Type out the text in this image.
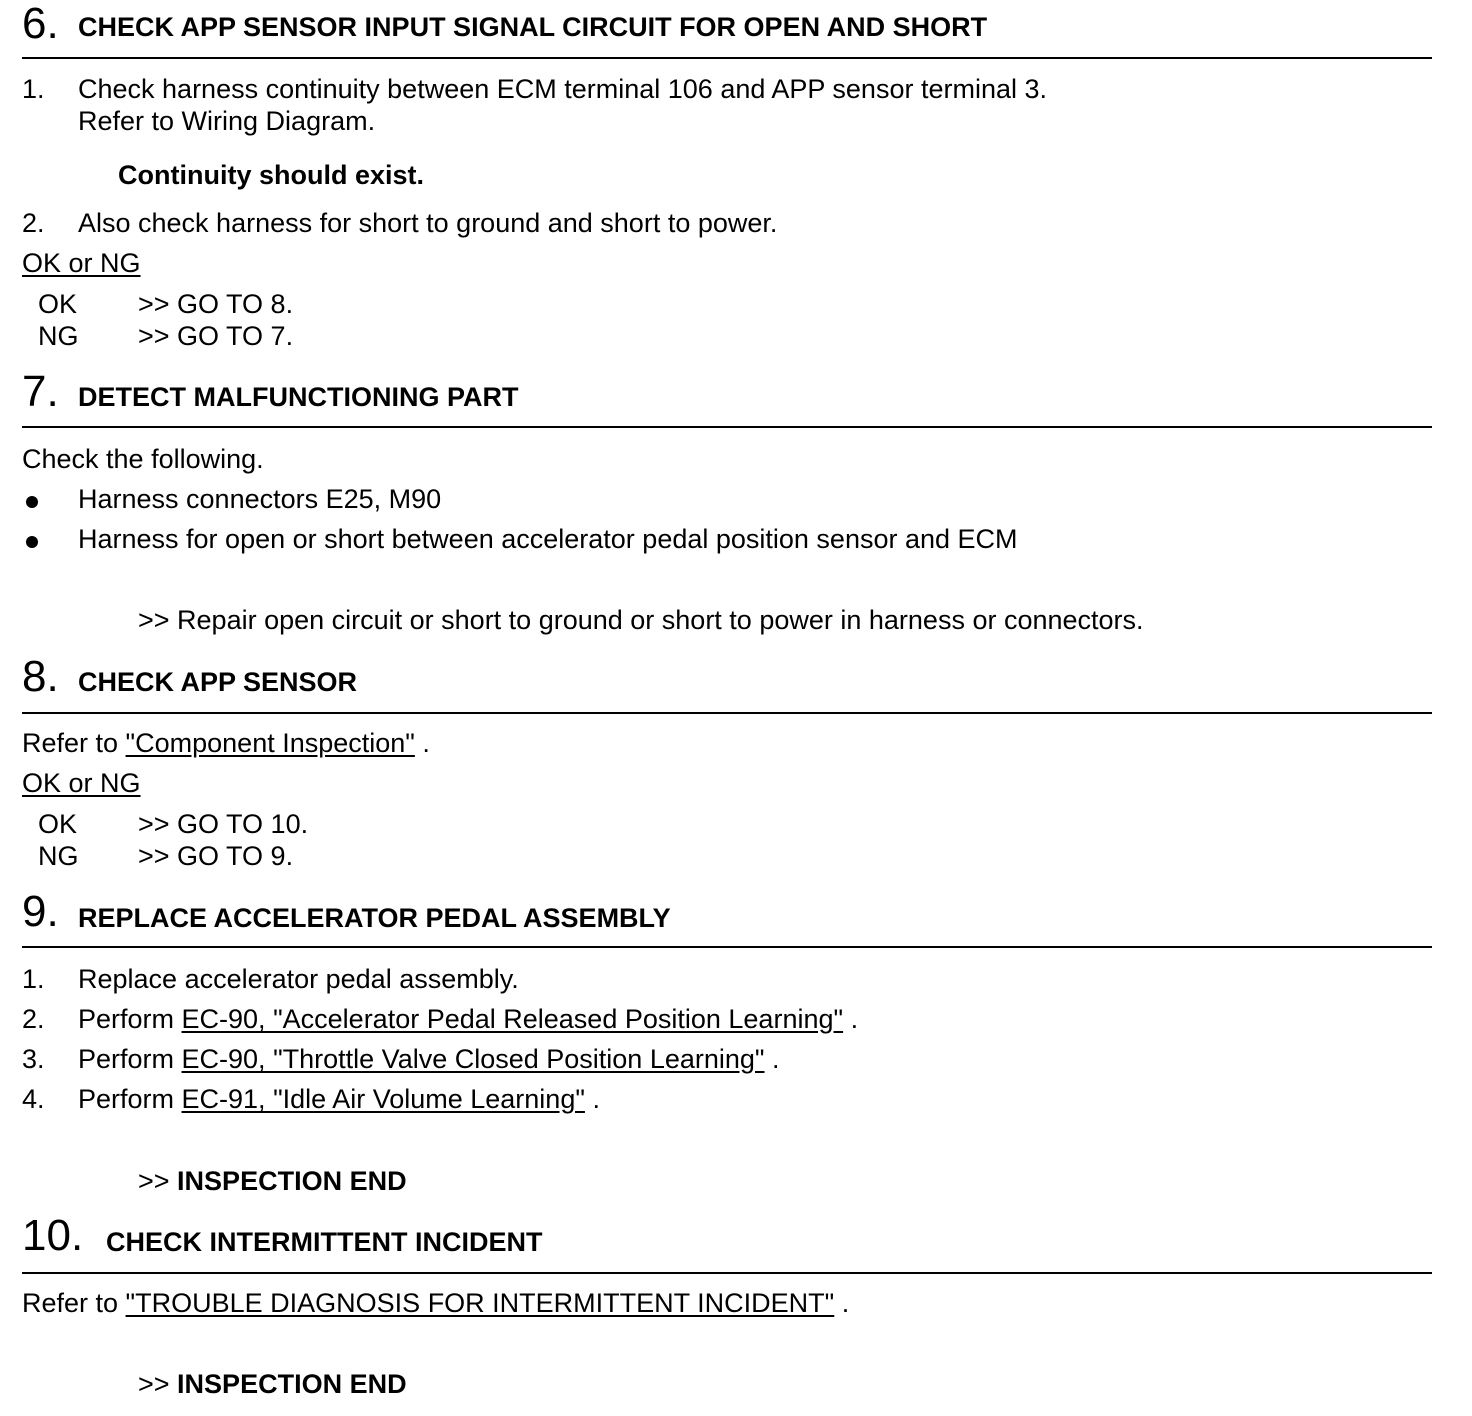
6. CHECK APP SENSOR INPUT SIGNAL CIRCUIT FOR OPEN AND SHORT
1. Check harness continuity between ECM terminal 106 and APP sensor terminal 3.
Refer to Wiring Diagram.
Continuity should exist.
2. Also check harness for short to ground and short to power.
OK or NG
OK >> GO TO 8.
NG >> GO TO 7.
7. DETECT MALFUNCTIONING PART
Check the following.
Harness connectors E25, M90
Harness for open or short between accelerator pedal position sensor and ECM
>> Repair open circuit or short to ground or short to power in harness or connectors.
8. CHECK APP SENSOR
Refer to "Component Inspection" .
OK or NG
OK >> GO TO 10.
NG >> GO TO 9.
9. REPLACE ACCELERATOR PEDAL ASSEMBLY
1. Replace accelerator pedal assembly.
2. Perform EC-90, "Accelerator Pedal Released Position Learning" .
3. Perform EC-90, "Throttle Valve Closed Position Learning" .
4. Perform EC-91, "Idle Air Volume Learning" .
>> INSPECTION END
10. CHECK INTERMITTENT INCIDENT
Refer to "TROUBLE DIAGNOSIS FOR INTERMITTENT INCIDENT" .
>> INSPECTION END
